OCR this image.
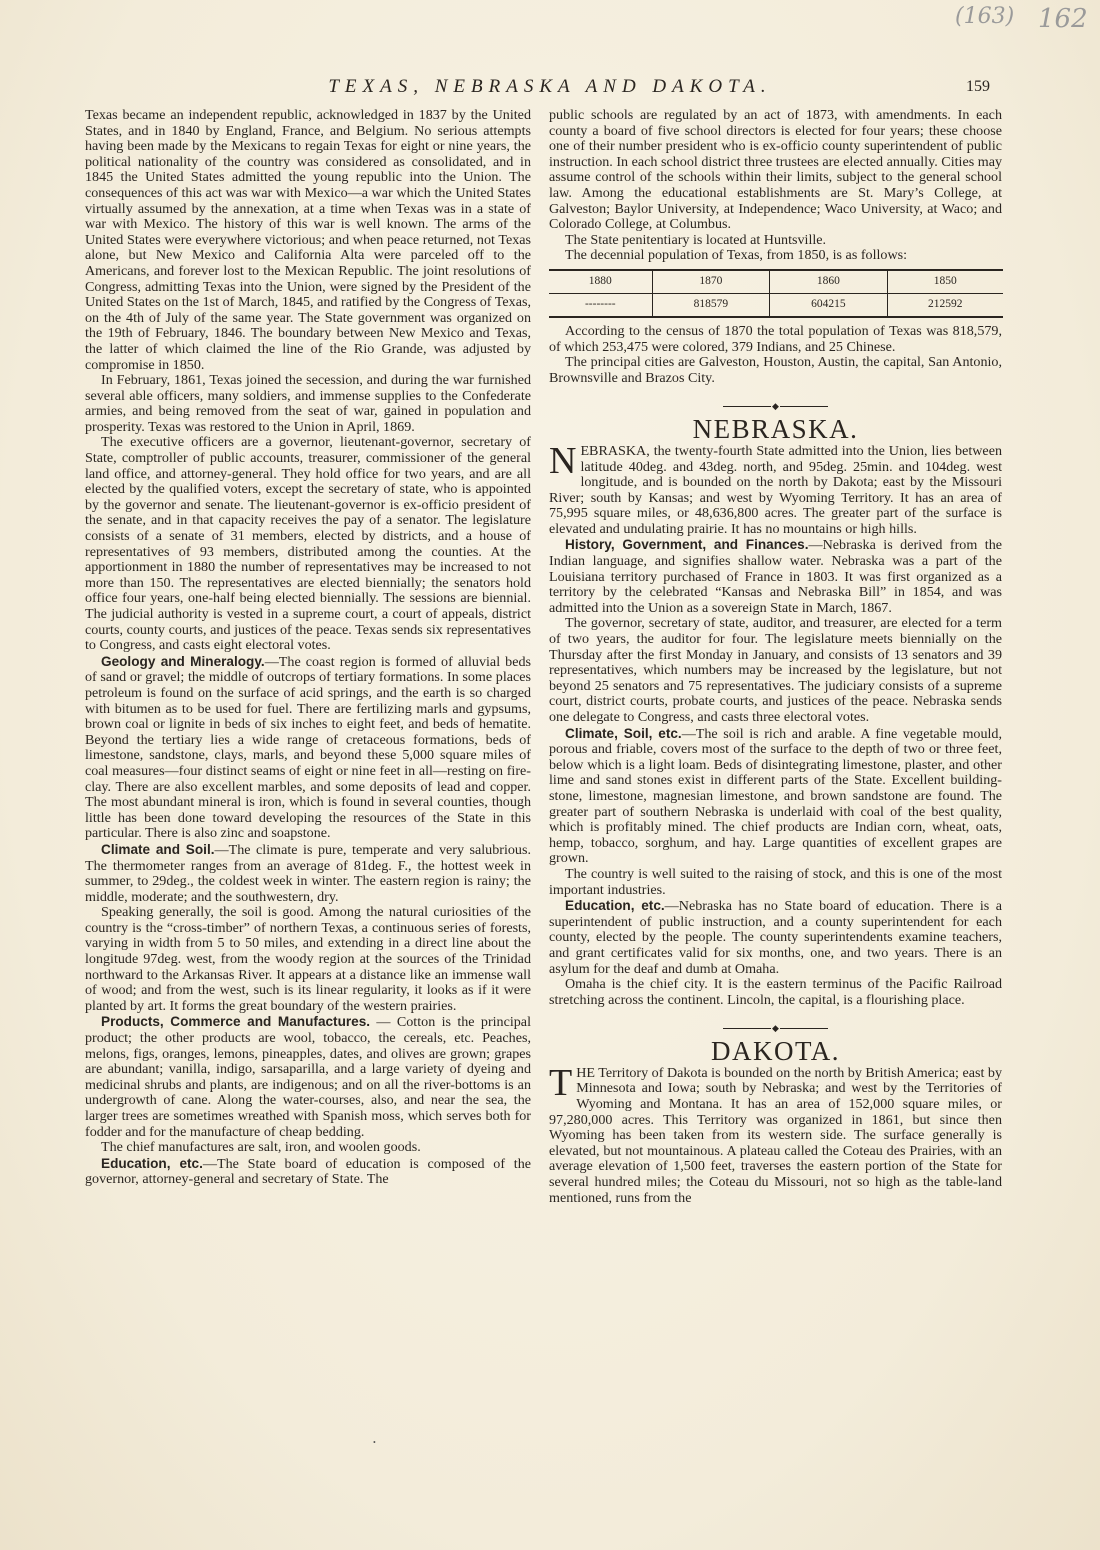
(163) 162
TEXAS, NEBRASKA AND DAKOTA.	159

Texas became an independent republic, acknowledged in 1837 by the United States, and in 1840 by England, France, and Belgium. No serious attempts having been made by the Mexicans to regain Texas for eight or nine years, the political nationality of the country was considered as consolidated, and in 1845 the United States admitted the young republic into the Union. The consequences of this act was war with Mexico—a war which the United States virtually assumed by the annexation, at a time when Texas was in a state of war with Mexico. The history of this war is well known. The arms of the United States were everywhere victorious; and when peace returned, not Texas alone, but New Mexico and California Alta were parceled off to the Americans, and forever lost to the Mexican Republic. The joint resolutions of Congress, admitting Texas into the Union, were signed by the President of the United States on the 1st of March, 1845, and ratified by the Congress of Texas, on the 4th of July of the same year. The State government was organized on the 19th of February, 1846. The boundary between New Mexico and Texas, the latter of which claimed the line of the Rio Grande, was adjusted by compromise in 1850.

In February, 1861, Texas joined the secession, and during the war furnished several able officers, many soldiers, and immense supplies to the Confederate armies, and being removed from the seat of war, gained in population and prosperity. Texas was restored to the Union in April, 1869.

The executive officers are a governor, lieutenant-governor, secretary of State, comptroller of public accounts, treasurer, commissioner of the general land office, and attorney-general. They hold office for two years, and are all elected by the qualified voters, except the secretary of state, who is appointed by the governor and senate. The lieutenant-governor is ex-officio president of the senate, and in that capacity receives the pay of a senator. The legislature consists of a senate of 31 members, elected by districts, and a house of representatives of 93 members, distributed among the counties. At the apportionment in 1880 the number of representatives may be increased to not more than 150. The representatives are elected biennially; the senators hold office four years, one-half being elected biennially. The sessions are biennial. The judicial authority is vested in a supreme court, a court of appeals, district courts, county courts, and justices of the peace. Texas sends six representatives to Congress, and casts eight electoral votes.

Geology and Mineralogy.—The coast region is formed of alluvial beds of sand or gravel; the middle of outcrops of tertiary formations. In some places petroleum is found on the surface of acid springs, and the earth is so charged with bitumen as to be used for fuel. There are fertilizing marls and gypsums, brown coal or lignite in beds of six inches to eight feet, and beds of hematite. Beyond the tertiary lies a wide range of cretaceous formations, beds of limestone, sandstone, clays, marls, and beyond these 5,000 square miles of coal measures—four distinct seams of eight or nine feet in all—resting on fire-clay. There are also excellent marbles, and some deposits of lead and copper. The most abundant mineral is iron, which is found in several counties, though little has been done toward developing the resources of the State in this particular. There is also zinc and soapstone.

Climate and Soil.—The climate is pure, temperate and very salubrious. The thermometer ranges from an average of 81deg. F., the hottest week in summer, to 29deg., the coldest week in winter. The eastern region is rainy; the middle, moderate; and the southwestern, dry.

Speaking generally, the soil is good. Among the natural curiosities of the country is the “cross-timber” of northern Texas, a continuous series of forests, varying in width from 5 to 50 miles, and extending in a direct line about the longitude 97deg. west, from the woody region at the sources of the Trinidad northward to the Arkansas River. It appears at a distance like an immense wall of wood; and from the west, such is its linear regularity, it looks as if it were planted by art. It forms the great boundary of the western prairies.

Products, Commerce and Manufactures. — Cotton is the principal product; the other products are wool, tobacco, the cereals, etc. Peaches, melons, figs, oranges, lemons, pineapples, dates, and olives are grown; grapes are abundant; vanilla, indigo, sarsaparilla, and a large variety of dyeing and medicinal shrubs and plants, are indigenous; and on all the river-bottoms is an undergrowth of cane. Along the water-courses, also, and near the sea, the larger trees are sometimes wreathed with Spanish moss, which serves both for fodder and for the manufacture of cheap bedding.

The chief manufactures are salt, iron, and woolen goods.

Education, etc.—The State board of education is composed of the governor, attorney-general and secretary of State. The

public schools are regulated by an act of 1873, with amendments. In each county a board of five school directors is elected for four years; these choose one of their number president who is ex-officio county superintendent of public instruction. In each school district three trustees are elected annually. Cities may assume control of the schools within their limits, subject to the general school law. Among the educational establishments are St. Mary’s College, at Galveston; Baylor University, at Independence; Waco University, at Waco; and Colorado College, at Columbus.

The State penitentiary is located at Huntsville.

The decennial population of Texas, from 1850, is as follows:

1880	1870	1860	1850
--------	818579	604215	212592

According to the census of 1870 the total population of Texas was 818,579, of which 253,475 were colored, 379 Indians, and 25 Chinese.

The principal cities are Galveston, Houston, Austin, the capital, San Antonio, Brownsville and Brazos City.

◆
NEBRASKA.

NEBRASKA, the twenty-fourth State admitted into the Union, lies between latitude 40deg. and 43deg. north, and 95deg. 25min. and 104deg. west longitude, and is bounded on the north by Dakota; east by the Missouri River; south by Kansas; and west by Wyoming Territory. It has an area of 75,995 square miles, or 48,636,800 acres. The greater part of the surface is elevated and undulating prairie. It has no mountains or high hills.

History, Government, and Finances.—Nebraska is derived from the Indian language, and signifies shallow water. Nebraska was a part of the Louisiana territory purchased of France in 1803. It was first organized as a territory by the celebrated “Kansas and Nebraska Bill” in 1854, and was admitted into the Union as a sovereign State in March, 1867.

The governor, secretary of state, auditor, and treasurer, are elected for a term of two years, the auditor for four. The legislature meets biennially on the Thursday after the first Monday in January, and consists of 13 senators and 39 representatives, which numbers may be increased by the legislature, but not beyond 25 senators and 75 representatives. The judiciary consists of a supreme court, district courts, probate courts, and justices of the peace. Nebraska sends one delegate to Congress, and casts three electoral votes.

Climate, Soil, etc.—The soil is rich and arable. A fine vegetable mould, porous and friable, covers most of the surface to the depth of two or three feet, below which is a light loam. Beds of disintegrating limestone, plaster, and other lime and sand stones exist in different parts of the State. Excellent building-stone, limestone, magnesian limestone, and brown sandstone are found. The greater part of southern Nebraska is underlaid with coal of the best quality, which is profitably mined. The chief products are Indian corn, wheat, oats, hemp, tobacco, sorghum, and hay. Large quantities of excellent grapes are grown.

The country is well suited to the raising of stock, and this is one of the most important industries.

Education, etc.—Nebraska has no State board of education. There is a superintendent of public instruction, and a county superintendent for each county, elected by the people. The county superintendents examine teachers, and grant certificates valid for six months, one, and two years. There is an asylum for the deaf and dumb at Omaha.

Omaha is the chief city. It is the eastern terminus of the Pacific Railroad stretching across the continent. Lincoln, the capital, is a flourishing place.

◆
DAKOTA.

THE Territory of Dakota is bounded on the north by British America; east by Minnesota and Iowa; south by Nebraska; and west by the Territories of Wyoming and Montana. It has an area of 152,000 square miles, or 97,280,000 acres. This Territory was organized in 1861, but since then Wyoming has been taken from its western side. The surface generally is elevated, but not mountainous. A plateau called the Coteau des Prairies, with an average elevation of 1,500 feet, traverses the eastern portion of the State for several hundred miles; the Coteau du Missouri, not so high as the table-land mentioned, runs from the

•
